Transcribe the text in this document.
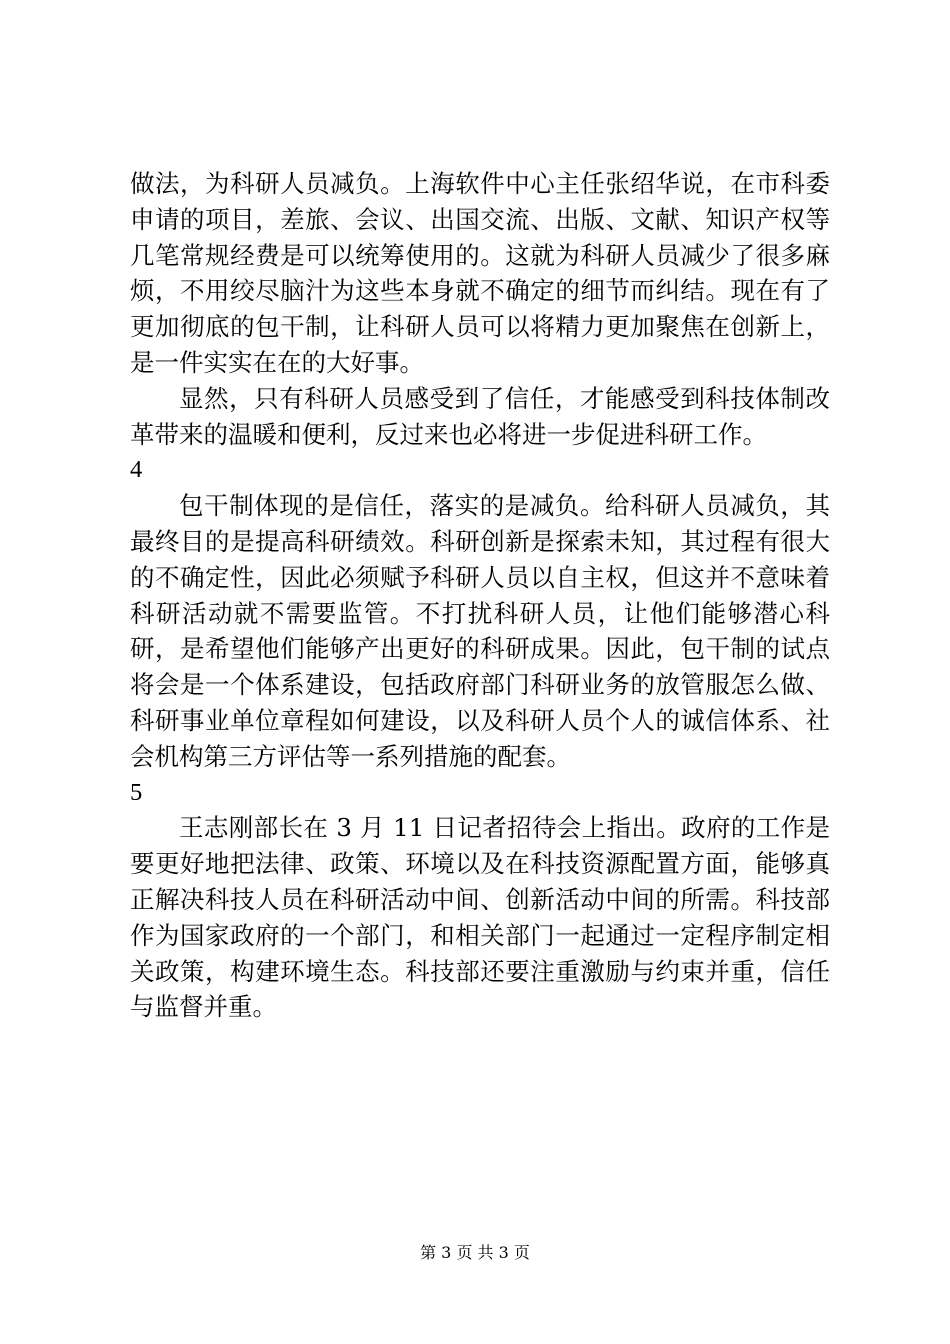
做法，为科研人员减负。上海软件中心主任张绍华说，在市科委申请的项目，差旅、会议、出国交流、出版、文献、知识产权等几笔常规经费是可以统筹使用的。这就为科研人员减少了很多麻烦，不用绞尽脑汁为这些本身就不确定的细节而纠结。现在有了更加彻底的包干制，让科研人员可以将精力更加聚焦在创新上，是一件实实在在的大好事。

显然，只有科研人员感受到了信任，才能感受到科技体制改革带来的温暖和便利，反过来也必将进一步促进科研工作。

4

包干制体现的是信任，落实的是减负。给科研人员减负，其最终目的是提高科研绩效。科研创新是探索未知，其过程有很大的不确定性，因此必须赋予科研人员以自主权，但这并不意味着科研活动就不需要监管。不打扰科研人员，让他们能够潜心科研，是希望他们能够产出更好的科研成果。因此，包干制的试点将会是一个体系建设，包括政府部门科研业务的放管服怎么做、科研事业单位章程如何建设，以及科研人员个人的诚信体系、社会机构第三方评估等一系列措施的配套。

5

王志刚部长在 3 月 11 日记者招待会上指出。政府的工作是要更好地把法律、政策、环境以及在科技资源配置方面，能够真正解决科技人员在科研活动中间、创新活动中间的所需。科技部作为国家政府的一个部门，和相关部门一起通过一定程序制定相关政策，构建环境生态。科技部还要注重激励与约束并重，信任与监督并重。

第 3 页 共 3 页
